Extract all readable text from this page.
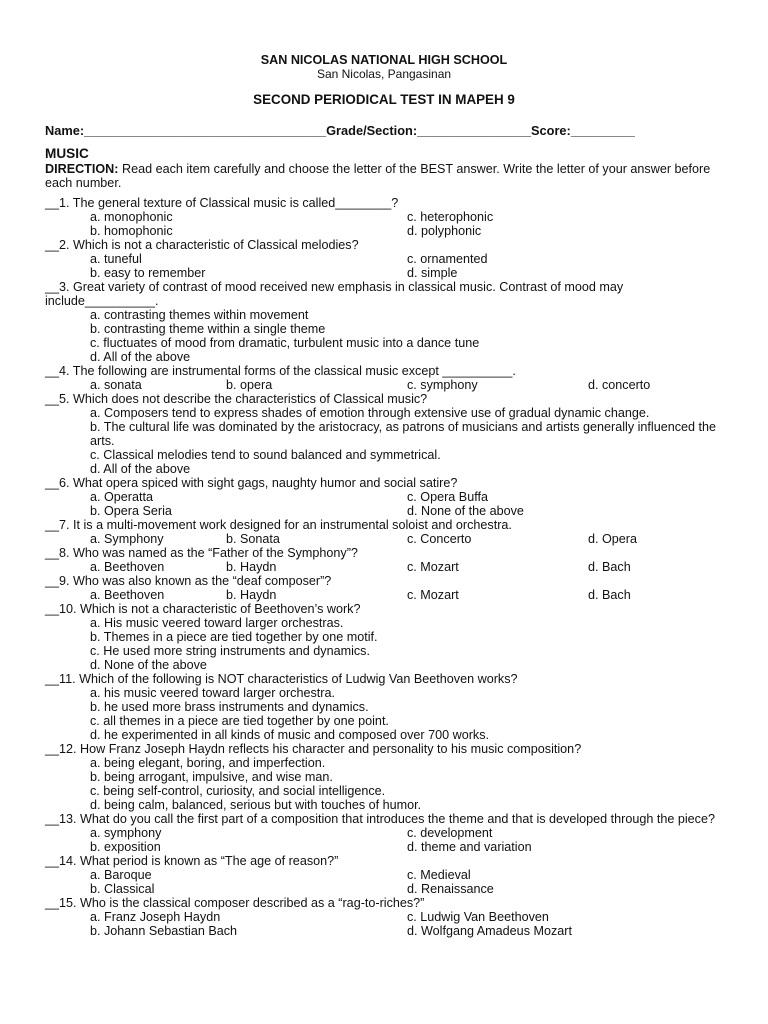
SAN NICOLAS NATIONAL HIGH SCHOOL
San Nicolas, Pangasinan
SECOND PERIODICAL TEST IN MAPEH 9
Name:__________________________________Grade/Section:________________Score:_________
MUSIC

DIRECTION: Read each item carefully and choose the letter of the BEST answer. Write the letter of your answer before each number.

__1. The general texture of Classical music is called________?

a. monophonic	c. heterophonic
b. homophonic	d. polyphonic

__2. Which is not a characteristic of Classical melodies?

a. tuneful	c. ornamented
b. easy to remember	d. simple

__3. Great variety of contrast of mood received new emphasis in classical music. Contrast of mood may include__________.

a. contrasting themes within movement
b. contrasting theme within a single theme
c. fluctuates of mood from dramatic, turbulent music into a dance tune
d. All of the above

__4. The following are instrumental forms of the classical music except __________.

a. sonata	b. opera	c. symphony	d. concerto

__5. Which does not describe the characteristics of Classical music?

a. Composers tend to express shades of emotion through extensive use of gradual dynamic change.
b. The cultural life was dominated by the aristocracy, as patrons of musicians and artists generally influenced the arts.
c. Classical melodies tend to sound balanced and symmetrical.
d. All of the above

__6. What opera spiced with sight gags, naughty humor and social satire?

a. Operatta	c. Opera Buffa
b. Opera Seria	d. None of the above

__7. It is a multi-movement work designed for an instrumental soloist and orchestra.

a. Symphony	b. Sonata	c. Concerto	d. Opera

__8. Who was named as the “Father of the Symphony”?

a. Beethoven	b. Haydn	c. Mozart	d. Bach

__9. Who was also known as the “deaf composer”?

a. Beethoven	b. Haydn	c. Mozart	d. Bach

__10. Which is not a characteristic of Beethoven’s work?

a. His music veered toward larger orchestras.
b. Themes in a piece are tied together by one motif.
c. He used more string instruments and dynamics.
d. None of the above

__11. Which of the following is NOT characteristics of Ludwig Van Beethoven works?

a. his music veered toward larger orchestra.
b. he used more brass instruments and dynamics.
c. all themes in a piece are tied together by one point.
d. he experimented in all kinds of music and composed over 700 works.

__12. How Franz Joseph Haydn reflects his character and personality to his music composition?

a. being elegant, boring, and imperfection.
b. being arrogant, impulsive, and wise man.
c. being self-control, curiosity, and social intelligence.
d. being calm, balanced, serious but with touches of humor.

__13. What do you call the first part of a composition that introduces the theme and that is developed through the piece?

a. symphony	c. development
b. exposition	d. theme and variation

__14. What period is known as “The age of reason?”

a. Baroque	c. Medieval
b. Classical	d. Renaissance

__15. Who is the classical composer described as a “rag-to-riches?”

a. Franz Joseph Haydn	c. Ludwig Van Beethoven
b. Johann Sebastian Bach	d. Wolfgang Amadeus Mozart
